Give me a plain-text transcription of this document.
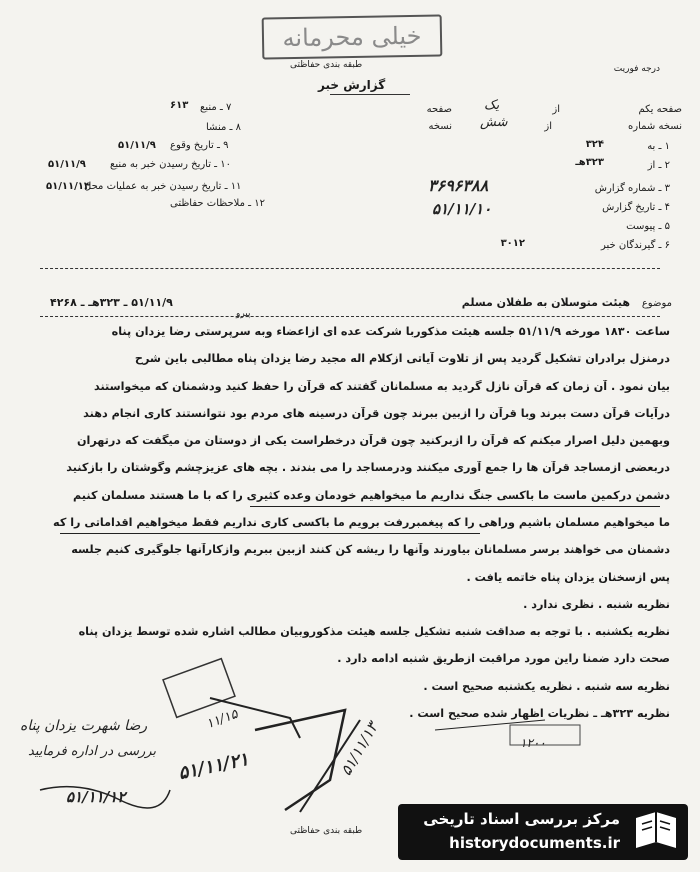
خیلی محرمانه
طبقه بندی حفاظتی	درجه فوریت
گزارش خبر
صفحه یکم
از
صفحه یک
نسخه شماره
از
نسخه شش
۱ ـ به
۳۲۴
۲ ـ از
۳۲۳هـ
۳ ـ شماره گزارش
۳۶۹۶۳۸۸
۴ ـ تاریخ گزارش
۵۱/۱۱/۱۰
۵ ـ پیوست
۶ ـ گیرندگان خبر
۳۰۱۲
۷ ـ منبع
۶۱۳
۸ ـ منشا
۹ ـ تاریخ وقوع
۵۱/۱۱/۹
۱۰ ـ تاریخ رسیدن خبر به منبع
۵۱/۱۱/۹
۱۱ ـ تاریخ رسیدن خبر به عملیات محل
۵۱/۱۱/۱۴
۱۲ ـ ملاحظات حفاظتی
موضوع
هیئت متوسلان به طفلان مسلم
۵۱/۱۱/۹ ـ ۳۲۳هـ ـ ۴۲۶۸
پیرو
ساعت ۱۸۳۰ مورخه ۵۱/۱۱/۹ جلسه هیئت مذکوربا شرکت عده ای ازاعضاء وبه سرپرستی رضا یزدان پناه
درمنزل برادران تشکیل گردید پس از تلاوت آیاتی ازکلام اله مجید رضا یزدان پناه مطالبی باین شرح
بیان نمود . آن زمان که قرآن نازل گردید به مسلمانان گفتند که قرآن را حفظ کنید ودشمنان که میخواستند
درآیات قرآن دست ببرند وبا قرآن را ازبین ببرند چون قرآن درسینه های مردم بود نتوانستند کاری انجام دهند
وبهمین دلیل اصرار میکنم که قرآن را ازبرکنید چون قرآن درخطراست یکی از دوستان من میگفت که درتهران
دربعضی ازمساجد قرآن ها را جمع آوری میکنند ودرمساجد را می بندند . بچه های عزیزچشم وگوشتان را بازکنید
دشمن درکمین ماست ما باکسی جنگ نداریم ما میخواهیم خودمان وعده کثیری را که با ما هستند مسلمان کنیم
ما میخواهیم مسلمان باشیم وراهی را که پیغمبررفت برویم ما باکسی کاری نداریم فقط میخواهیم اقداماتی را که
دشمنان می خواهند برسر مسلمانان بیاورند وآنها را ریشه کن کنند ازبین ببریم وازکارآنها جلوگیری کنیم جلسه
پس ازسخنان یزدان پناه خاتمه یافت .
نظریه شنبه . نظری ندارد .
نظریه یکشنبه . با توجه به صداقت شنبه تشکیل جلسه هیئت مذکوروبیان مطالب اشاره شده توسط یزدان پناه
صحت دارد ضمنا راین مورد مراقبت ازطریق شنبه ادامه دارد .
نظریه سه شنبه . نظریه یکشنبه صحیح است .
نظریه ۳۲۳هـ ـ نظریات اظهار شده صحیح است .
رضا شهرت یزدان پناه
بررسی در اداره فرمایید
۵۱/۱۱/۱۲
۵۱/۱۱/۲۱	۵۱/۱۱/۱۳
۱۱/۱۵
۱۲۰۰
طبقه بندی حفاظتی
مرکز بررسی اسناد تاریخی
historydocuments.ir
